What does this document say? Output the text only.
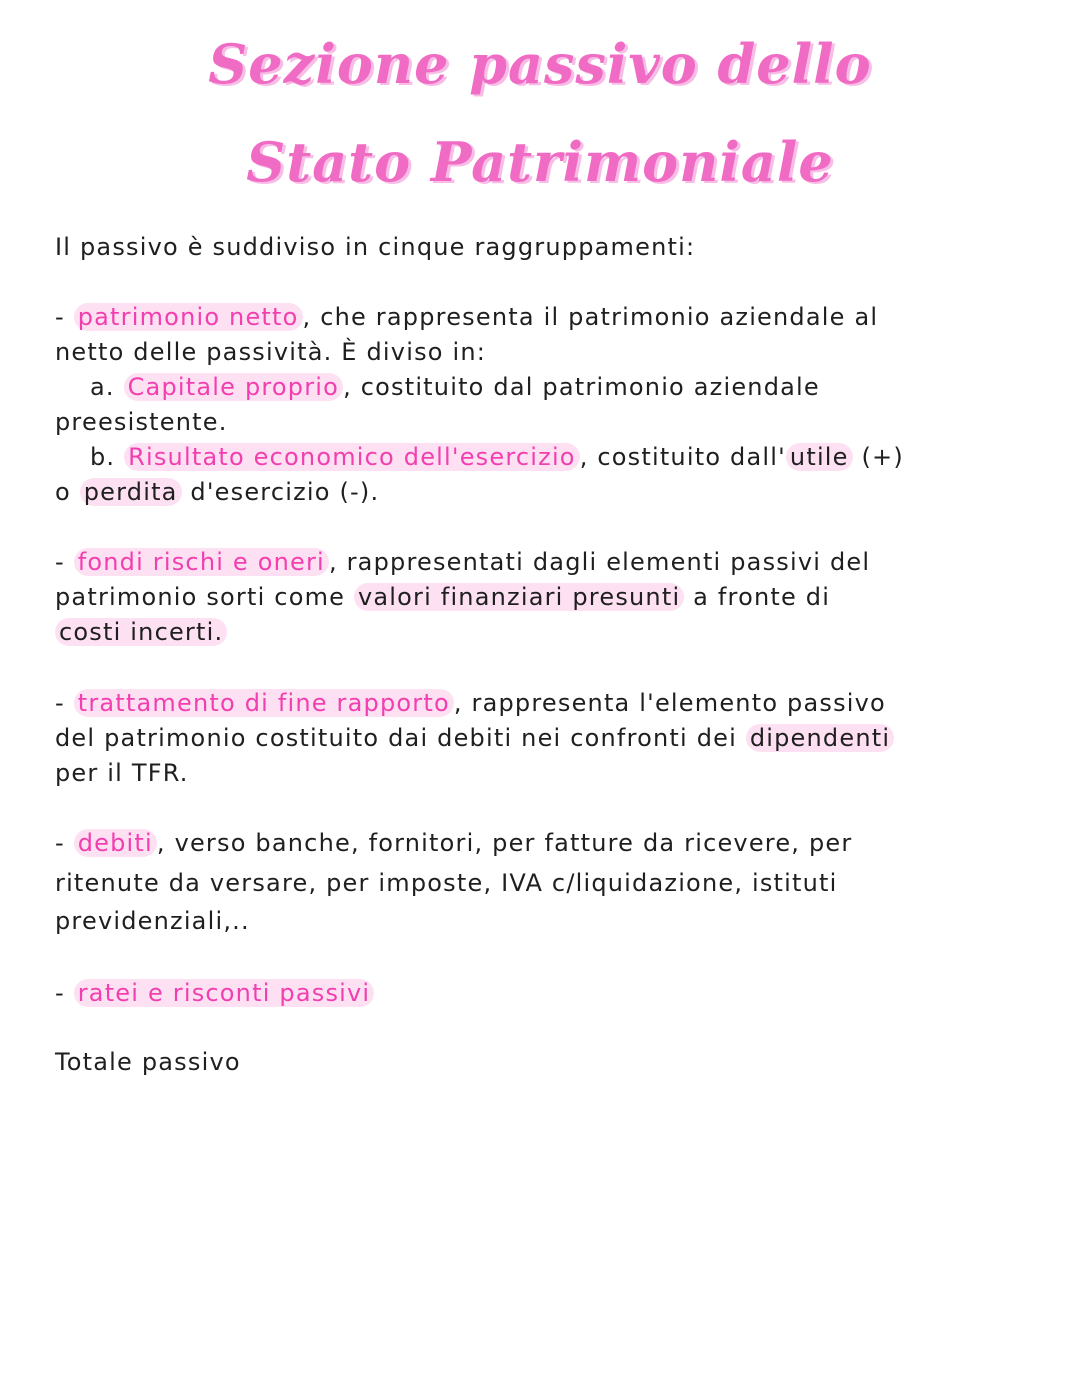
Sezione passivo dello
Stato Patrimoniale
Il passivo è suddiviso in cinque raggruppamenti:
- patrimonio netto , che rappresenta il patrimonio aziendale al
netto delle passività. È diviso in:
a. Capitale proprio , costituito dal patrimonio aziendale
preesistente.
b. Risultato economico dell'esercizio , costituito dall' utile (+)
o perdita d'esercizio (-).
- fondi rischi e oneri , rappresentati dagli elementi passivi del
patrimonio sorti come valori finanziari presunti a fronte di
costi incerti.
- trattamento di fine rapporto , rappresenta l'elemento passivo
del patrimonio costituito dai debiti nei confronti dei dipendenti
per il TFR.
- debiti , verso banche, fornitori, per fatture da ricevere, per
ritenute da versare, per imposte, IVA c/liquidazione, istituti
previdenziali,..
- ratei e risconti passivi
Totale passivo
